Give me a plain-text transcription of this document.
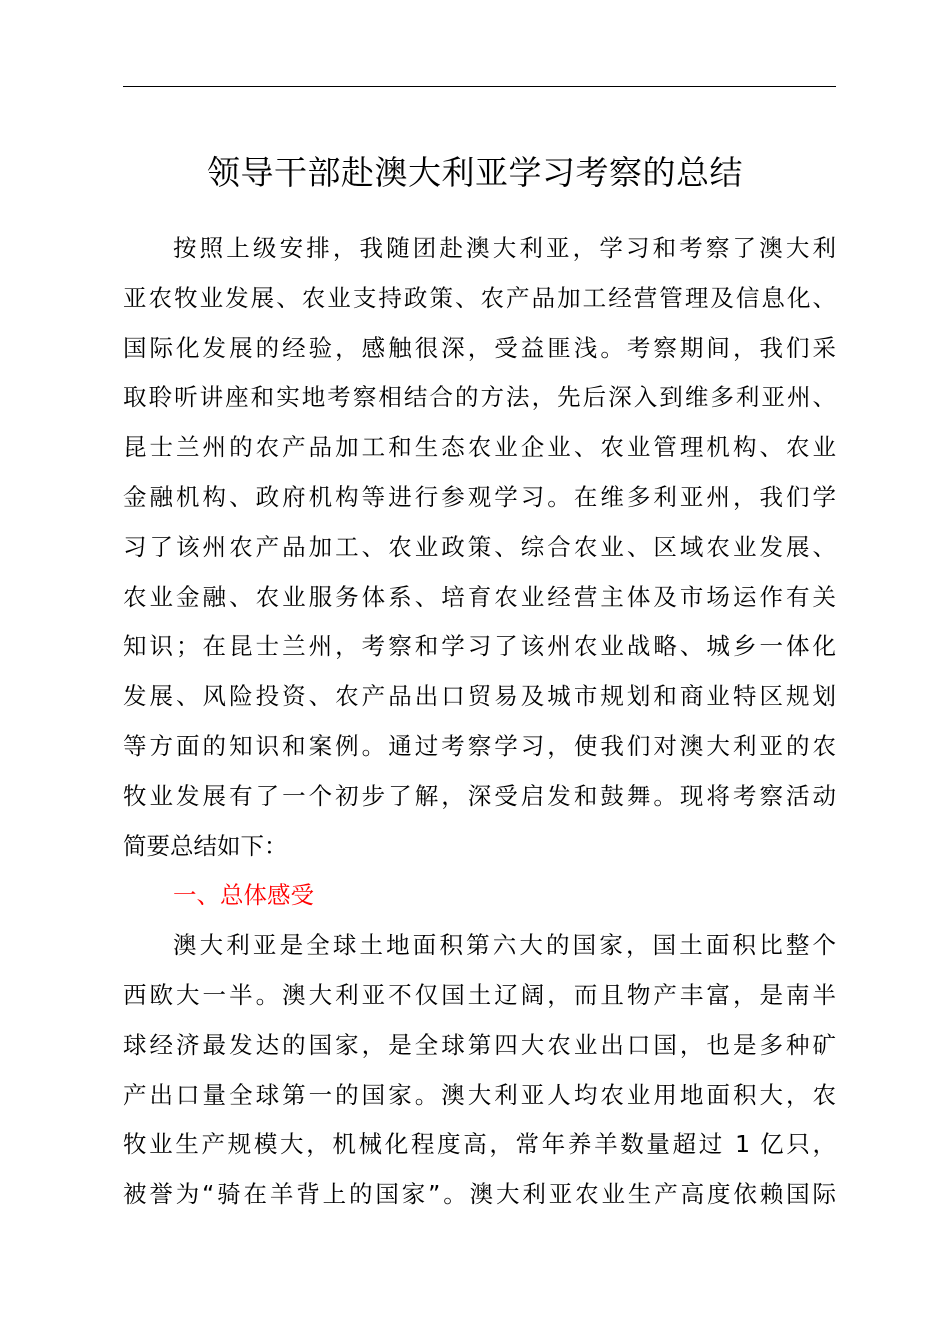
领导干部赴澳大利亚学习考察的总结
按照上级安排，我随团赴澳大利亚，学习和考察了澳大利
亚农牧业发展、农业支持政策、农产品加工经营管理及信息化、
国际化发展的经验，感触很深，受益匪浅。考察期间，我们采
取聆听讲座和实地考察相结合的方法，先后深入到维多利亚州、
昆士兰州的农产品加工和生态农业企业、农业管理机构、农业
金融机构、政府机构等进行参观学习。在维多利亚州，我们学
习了该州农产品加工、农业政策、综合农业、区域农业发展、
农业金融、农业服务体系、培育农业经营主体及市场运作有关
知识；在昆士兰州，考察和学习了该州农业战略、城乡一体化
发展、风险投资、农产品出口贸易及城市规划和商业特区规划
等方面的知识和案例。通过考察学习，使我们对澳大利亚的农
牧业发展有了一个初步了解，深受启发和鼓舞。现将考察活动
简要总结如下：
一、总体感受
澳大利亚是全球土地面积第六大的国家，国土面积比整个
西欧大一半。澳大利亚不仅国土辽阔，而且物产丰富，是南半
球经济最发达的国家，是全球第四大农业出口国，也是多种矿
产出口量全球第一的国家。澳大利亚人均农业用地面积大，农
牧业生产规模大，机械化程度高，常年养羊数量超过 1 亿只，
被誉为“骑在羊背上的国家”。澳大利亚农业生产高度依赖国际
